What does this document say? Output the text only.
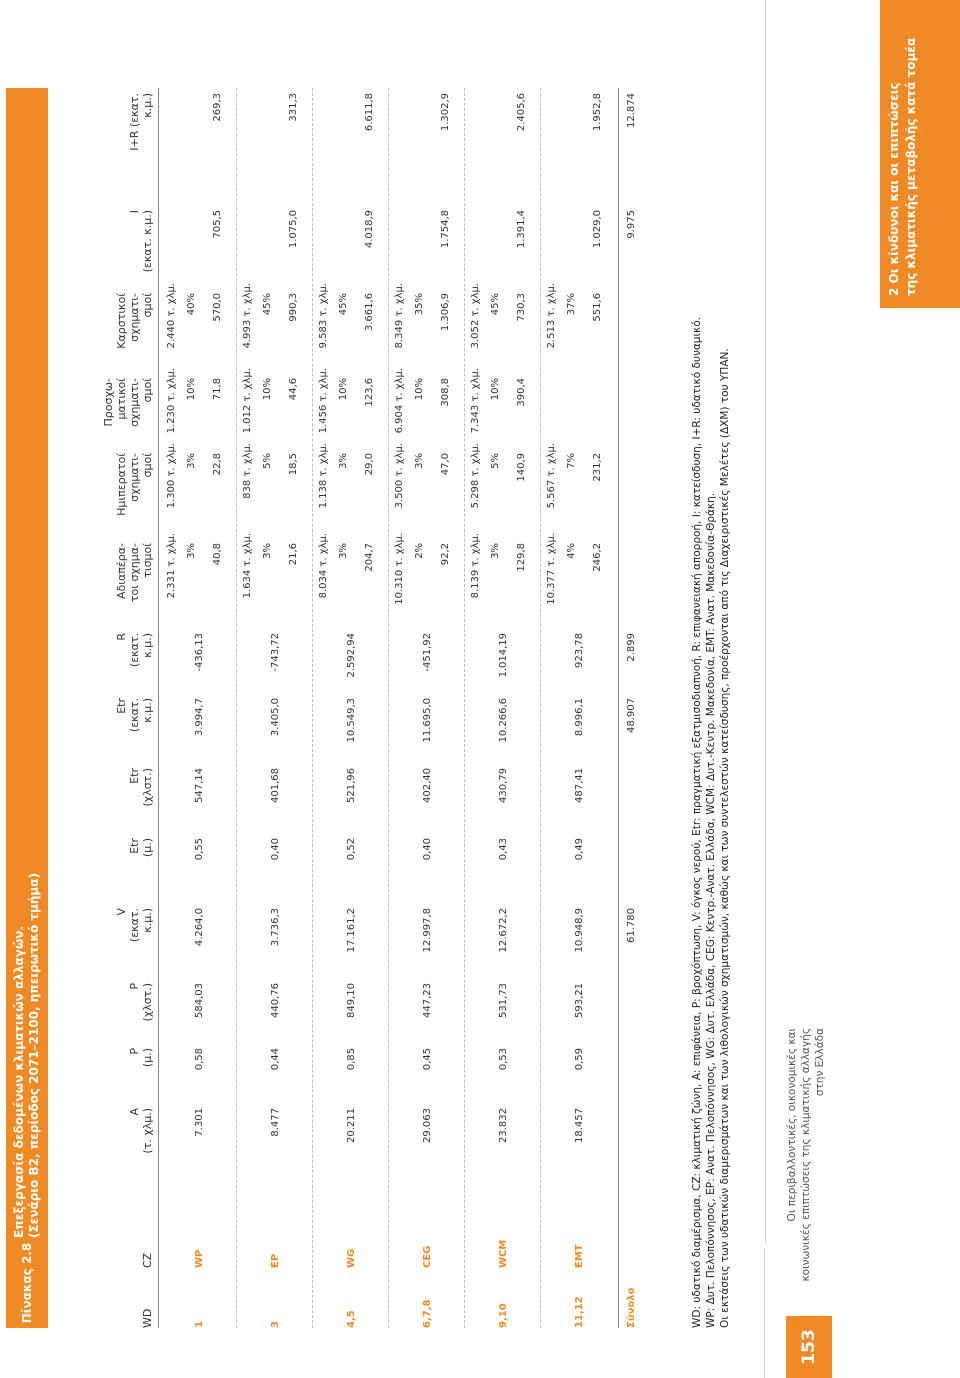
Πίνακας 2.8
Επεξεργασία δεδομένων κλιματικών αλλαγών. (Σενάριο Β2, περίοδος 2071–2100, ηπειρωτικό τμήμα)
WD
CZ
A (τ. χλμ.)
P (μ.)
P (χλστ.)
V (εκατ. κ.μ.)
Etr (μ.)
Etr (χλστ.)
Etr (εκατ. κ.μ.)
R (εκατ. κ.μ.)
Αδιαπέρα- τοι σχημα- τισμοί
Ημιπερατοί σχηματι- σμοί
Προσχω- ματικοί σχηματι- σμοί
Καρστικοί σχηματι- σμοί
I (εκατ. κ.μ.)
I+R (εκατ. κ.μ.)
1
WP
7.301
0,58
584,03
4.264,0
0,55
547,14
3.994,7
-436,13
2.331 τ. χλμ. 3% 40,8
1.300 τ. χλμ. 3% 22,8
1.230 τ. χλμ. 10% 71,8
2.440 τ. χλμ. 40% 570,0
705,5
269,3
3
EP
8.477
0,44
440,76
3.736,3
0,40
401,68
3.405,0
-743,72
1.634 τ. χλμ. 3% 21,6
838 τ. χλμ. 5% 18,5
1.012 τ. χλμ. 10% 44,6
4.993 τ. χλμ. 45% 990,3
1.075,0
331,3
4,5
WG
20.211
0,85
849,10
17.161,2
0,52
521,96
10.549,3
2.592,94
8.034 τ. χλμ. 3% 204,7
1.138 τ. χλμ. 3% 29,0
1.456 τ. χλμ. 10% 123,6
9.583 τ. χλμ. 45% 3.661,6
4.018,9
6.611,8
6,7,8
CEG
29.063
0,45
447,23
12.997,8
0,40
402,40
11.695,0
-451,92
10.310 τ. χλμ. 2% 92,2
3.500 τ. χλμ. 3% 47,0
6.904 τ. χλμ. 10% 308,8
8.349 τ. χλμ. 35% 1.306,9
1.754,8
1.302,9
9,10
WCM
23.832
0,53
531,73
12.672,2
0,43
430,79
10.266,6
1.014,19
8.139 τ. χλμ. 3% 129,8
5.298 τ. χλμ. 5% 140,9
7.343 τ. χλμ. 10% 390,4
3.052 τ. χλμ. 45% 730,3
1.391,4
2.405,6
11,12
EMT
18.457
0,59
593,21
10.948,9
0,49
487,41
8.996,1
923,78
10.377 τ. χλμ. 4% 246,2
5.567 τ. χλμ. 7% 231,2
2.513 τ. χλμ. 37% 551,6
1.029,0
1.952,8
Σύνολο
61.780
48.907
2.899
9.975
12.874
WD: υδατικό διαμέρισμα, CZ: κλιματική ζώνη, Α: επιφάνεια, P: βροχόπτωση, V: όγκος νερού, Etr: πραγματική εξατμισοδιαπνοή, R: επιφανειακή απορροή, I: κατείσδυση, I+R: υδατικό δυναμικό. WP: Δυτ. Πελοπόννησος, EP: Ανατ. Πελοπόννησος, WG: Δυτ. Ελλάδα, CEG: Κεντρ.-Ανατ. Ελλάδα, WCM: Δυτ.-Κεντρ. Μακεδονία, EMT: Ανατ. Μακεδονία-Θράκη. Οι εκτάσεις των υδατικών διαμερισμάτων και των λιθολογικών σχηματισμών, καθώς και των συντελεστών κατείσδυσης, προέρχονται από τις Διαχειριστικές Μελέτες (ΔΧΜ) του ΥΠΑΝ.
153
Οι περιβαλλοντικές, οικονομικές και κοινωνικές επιπτώσεις της κλιματικής αλλαγής στην Ελλάδα
2 Οι κίνδυνοι και οι επιπτώσεις της κλιματικής μεταβολής κατά τομέα
